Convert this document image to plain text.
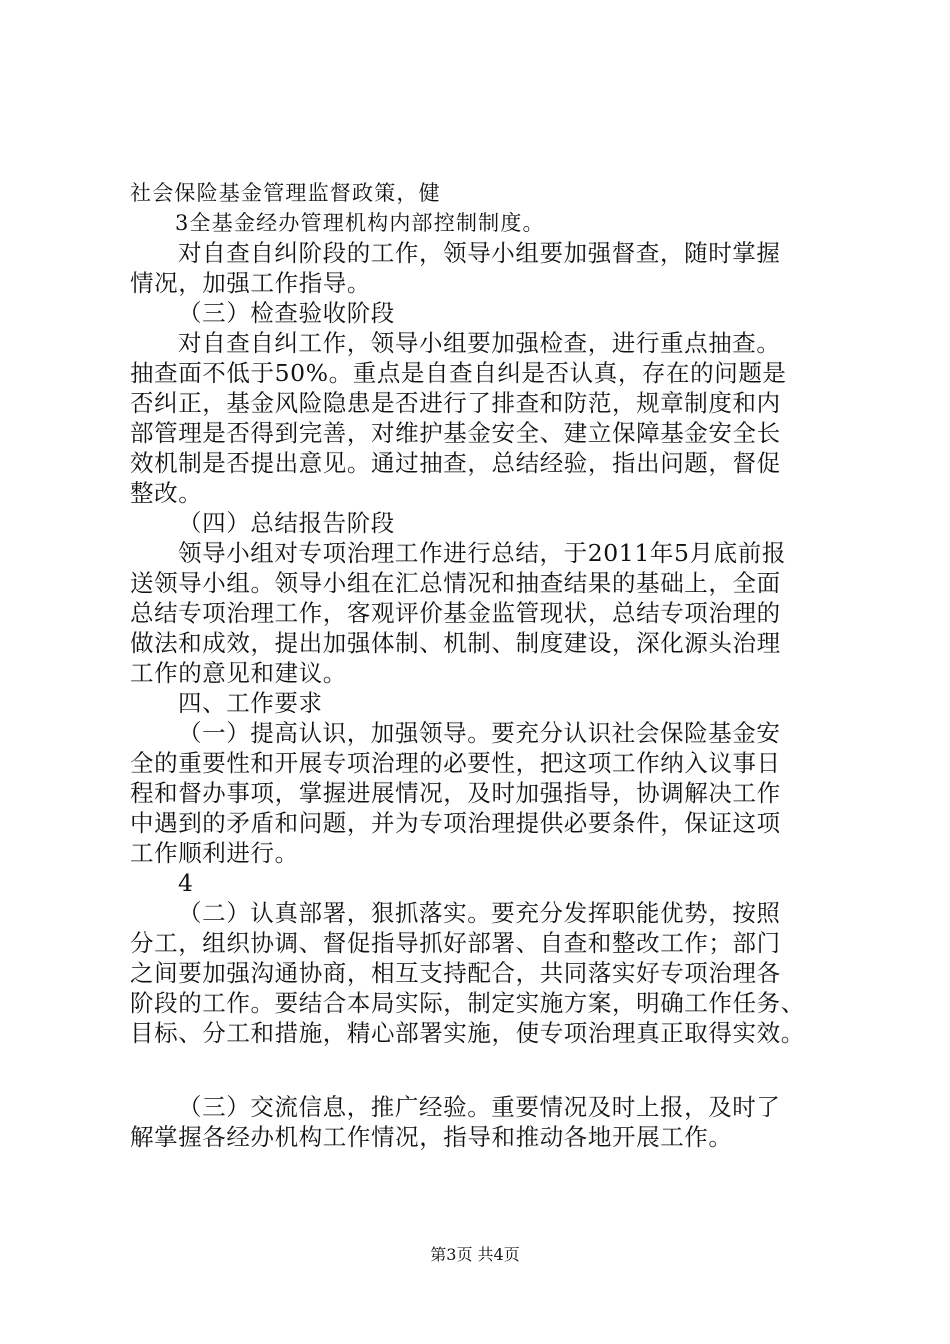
社会保险基金管理监督政策，健
3全基金经办管理机构内部控制制度。
对自查自纠阶段的工作，领导小组要加强督查，随时掌握
情况，加强工作指导。
（三）检查验收阶段
对自查自纠工作，领导小组要加强检查，进行重点抽查。
抽查面不低于50%。重点是自查自纠是否认真，存在的问题是
否纠正，基金风险隐患是否进行了排查和防范，规章制度和内
部管理是否得到完善，对维护基金安全、建立保障基金安全长
效机制是否提出意见。通过抽查，总结经验，指出问题，督促
整改。
（四）总结报告阶段
领导小组对专项治理工作进行总结，于2011年5月底前报
送领导小组。领导小组在汇总情况和抽查结果的基础上，全面
总结专项治理工作，客观评价基金监管现状，总结专项治理的
做法和成效，提出加强体制、机制、制度建设，深化源头治理
工作的意见和建议。
四、工作要求
（一）提高认识，加强领导。要充分认识社会保险基金安
全的重要性和开展专项治理的必要性，把这项工作纳入议事日
程和督办事项，掌握进展情况，及时加强指导，协调解决工作
中遇到的矛盾和问题，并为专项治理提供必要条件，保证这项
工作顺利进行。
4
（二）认真部署，狠抓落实。要充分发挥职能优势，按照
分工，组织协调、督促指导抓好部署、自查和整改工作；部门
之间要加强沟通协商，相互支持配合，共同落实好专项治理各
阶段的工作。要结合本局实际，制定实施方案，明确工作任务、
目标、分工和措施，精心部署实施，使专项治理真正取得实效。
（三）交流信息，推广经验。重要情况及时上报，及时了
解掌握各经办机构工作情况，指导和推动各地开展工作。
第3页 共4页
